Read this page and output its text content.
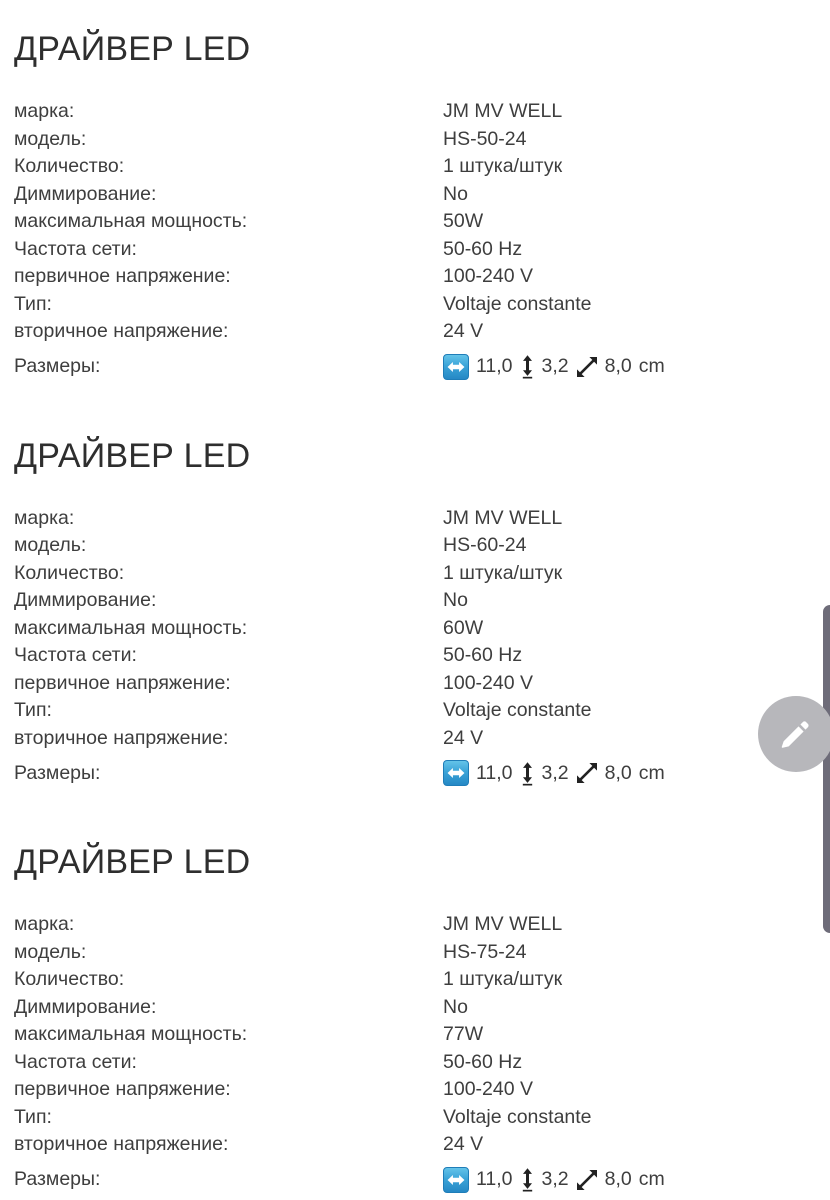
ДРАЙВЕР LED
марка:	JM MV WELL
модель:	HS-50-24
Количество:	1 штука/штук
Диммирование:	No
максимальная мощность:	50W
Частота сети:	50-60 Hz
первичное напряжение:	100-240 V
Тип:	Voltaje constante
вторичное напряжение:	24 V
Размеры:	11,0 3,2 8,0 cm
ДРАЙВЕР LED
марка:	JM MV WELL
модель:	HS-60-24
Количество:	1 штука/штук
Диммирование:	No
максимальная мощность:	60W
Частота сети:	50-60 Hz
первичное напряжение:	100-240 V
Тип:	Voltaje constante
вторичное напряжение:	24 V
Размеры:	11,0 3,2 8,0 cm
ДРАЙВЕР LED
марка:	JM MV WELL
модель:	HS-75-24
Количество:	1 штука/штук
Диммирование:	No
максимальная мощность:	77W
Частота сети:	50-60 Hz
первичное напряжение:	100-240 V
Тип:	Voltaje constante
вторичное напряжение:	24 V
Размеры:	11,0 3,2 8,0 cm
